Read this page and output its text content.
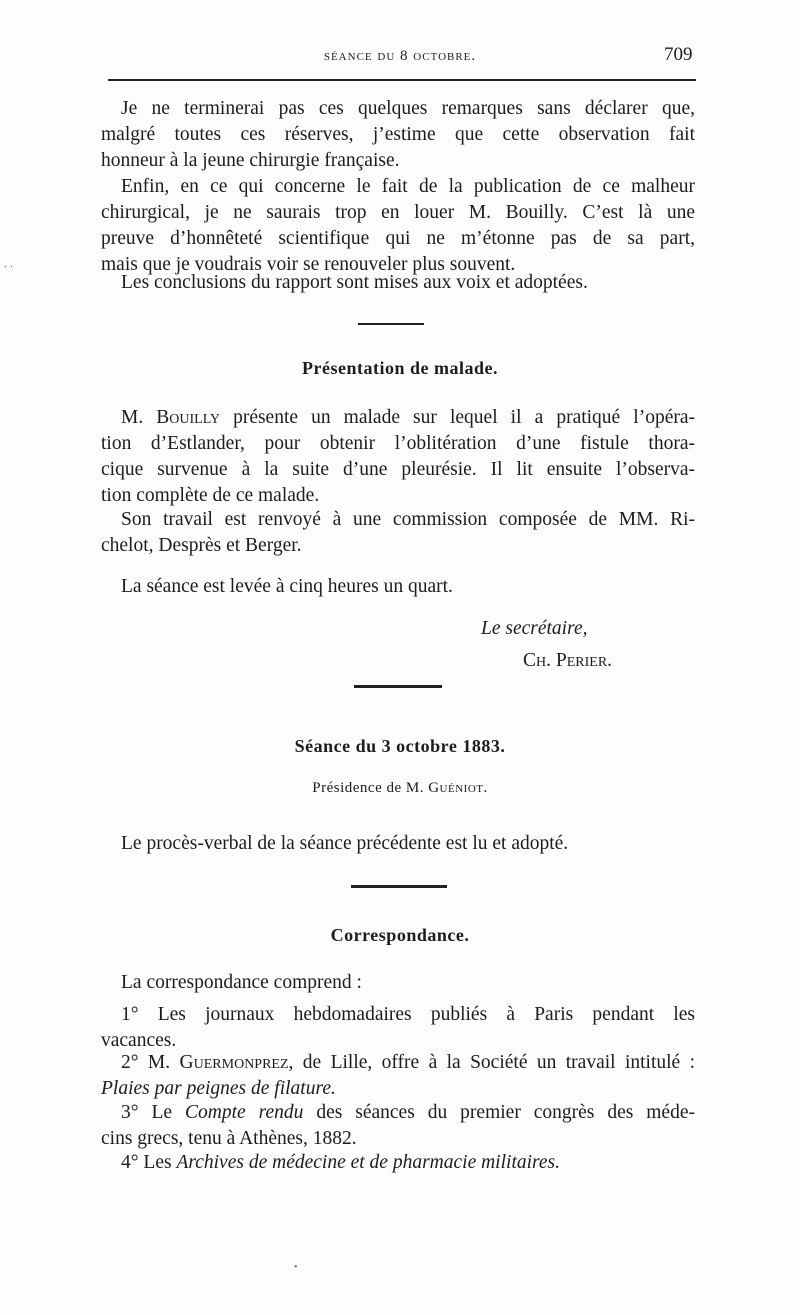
séance du 8 octobre.	709

Je ne terminerai pas ces quelques remarques sans déclarer que,
malgré toutes ces réserves, j’estime que cette observation fait
honneur à la jeune chirurgie française.

Enfin, en ce qui concerne le fait de la publication de ce malheur
chirurgical, je ne saurais trop en louer M. Bouilly. C’est là une
preuve d’honnêteté scientifique qui ne m’étonne pas de sa part,
mais que je voudrais voir se renouveler plus souvent.

Les conclusions du rapport sont mises aux voix et adoptées.

Présentation de malade.

M. Bouilly présente un malade sur lequel il a pratiqué l’opéra-
tion d’Estlander, pour obtenir l’oblitération d’une fistule thora-
cique survenue à la suite d’une pleurésie. Il lit ensuite l’observa-
tion complète de ce malade.

Son travail est renvoyé à une commission composée de MM. Ri-
chelot, Desprès et Berger.

La séance est levée à cinq heures un quart.

Le secrétaire,
Ch. Perier.
Séance du 3 octobre 1883.
Présidence de M. Guéniot.

Le procès-verbal de la séance précédente est lu et adopté.

Correspondance.

La correspondance comprend :

1° Les journaux hebdomadaires publiés à Paris pendant les
vacances.

2° M. Guermonprez, de Lille, offre à la Société un travail intitulé :
Plaies par peignes de filature.

3° Le Compte rendu des séances du premier congrès des méde-
cins grecs, tenu à Athènes, 1882.

4° Les Archives de médecine et de pharmacie militaires.

· ·
•
